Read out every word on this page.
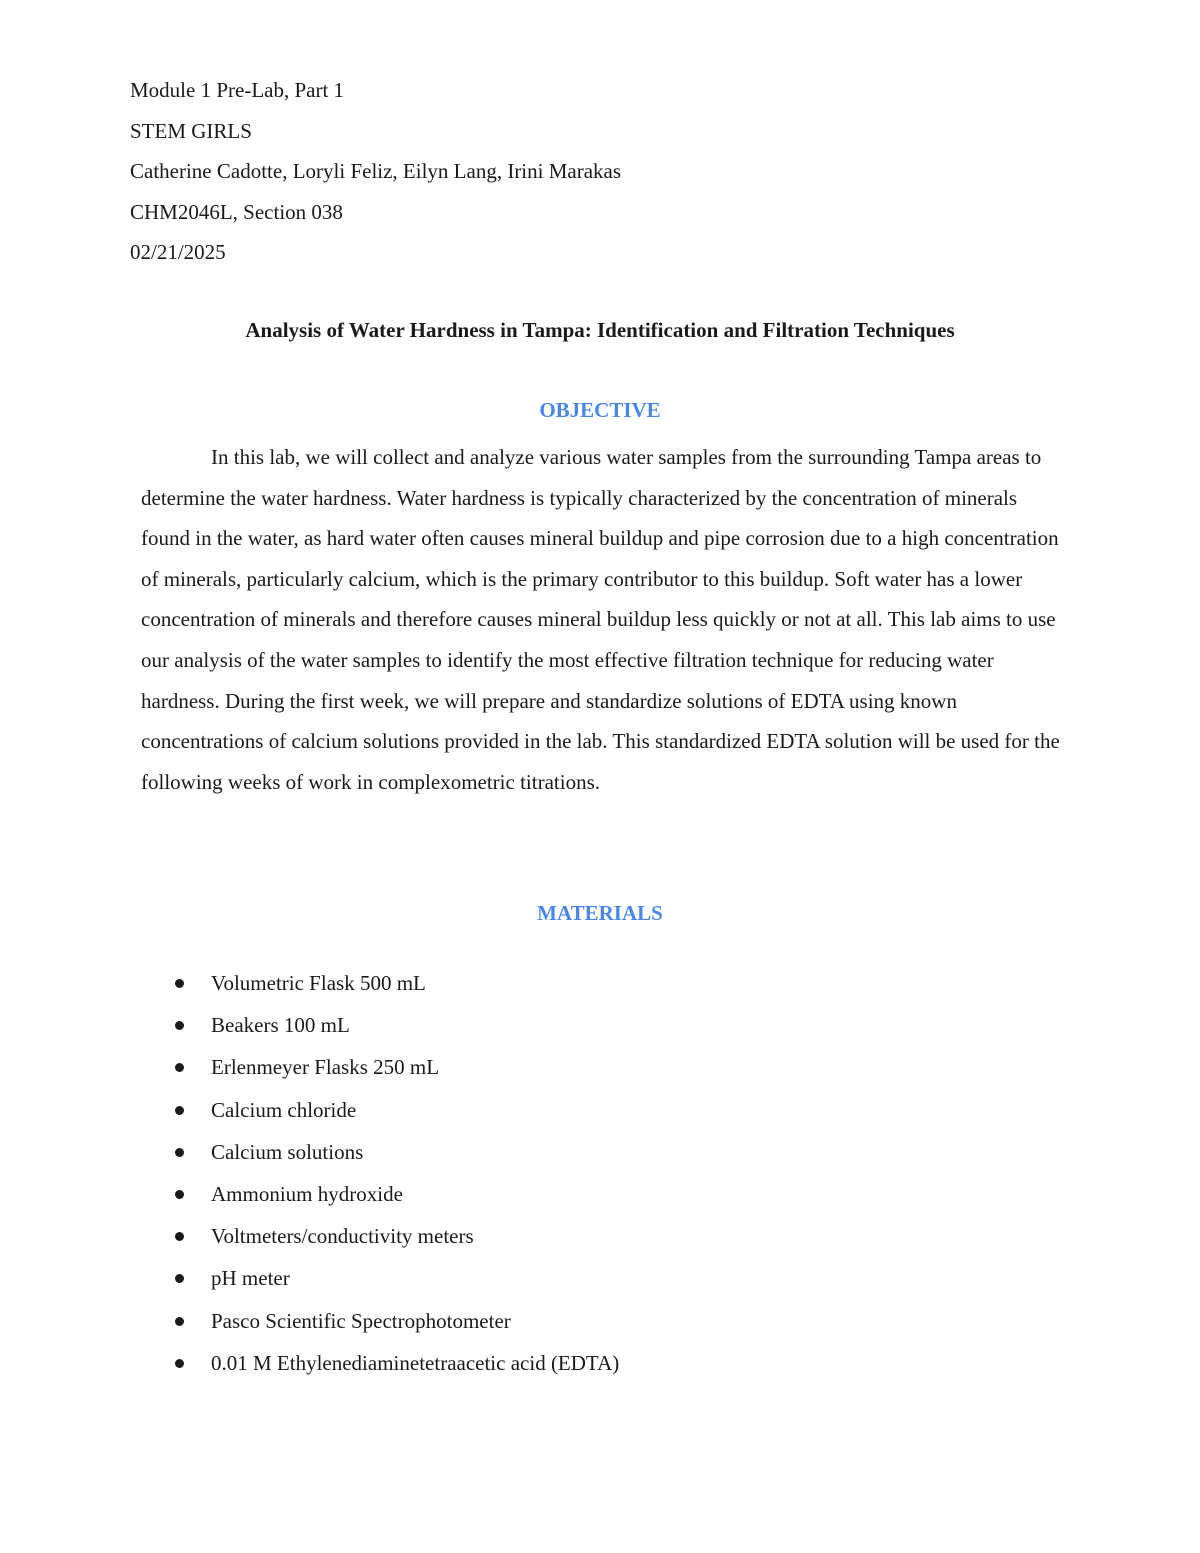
Module 1 Pre-Lab, Part 1
STEM GIRLS
Catherine Cadotte, Loryli Feliz, Eilyn Lang, Irini Marakas
CHM2046L, Section 038
02/21/2025
Analysis of Water Hardness in Tampa: Identification and Filtration Techniques
OBJECTIVE

In this lab, we will collect and analyze various water samples from the surrounding Tampa areas to determine the water hardness. Water hardness is typically characterized by the concentration of minerals found in the water, as hard water often causes mineral buildup and pipe corrosion due to a high concentration of minerals, particularly calcium, which is the primary contributor to this buildup. Soft water has a lower concentration of minerals and therefore causes mineral buildup less quickly or not at all. This lab aims to use our analysis of the water samples to identify the most effective filtration technique for reducing water hardness. During the first week, we will prepare and standardize solutions of EDTA using known concentrations of calcium solutions provided in the lab. This standardized EDTA solution will be used for the following weeks of work in complexometric titrations.

MATERIALS
Volumetric Flask 500 mL
Beakers 100 mL
Erlenmeyer Flasks 250 mL
Calcium chloride
Calcium solutions
Ammonium hydroxide
Voltmeters/conductivity meters
pH meter
Pasco Scientific Spectrophotometer
0.01 M Ethylenediaminetetraacetic acid (EDTA)
